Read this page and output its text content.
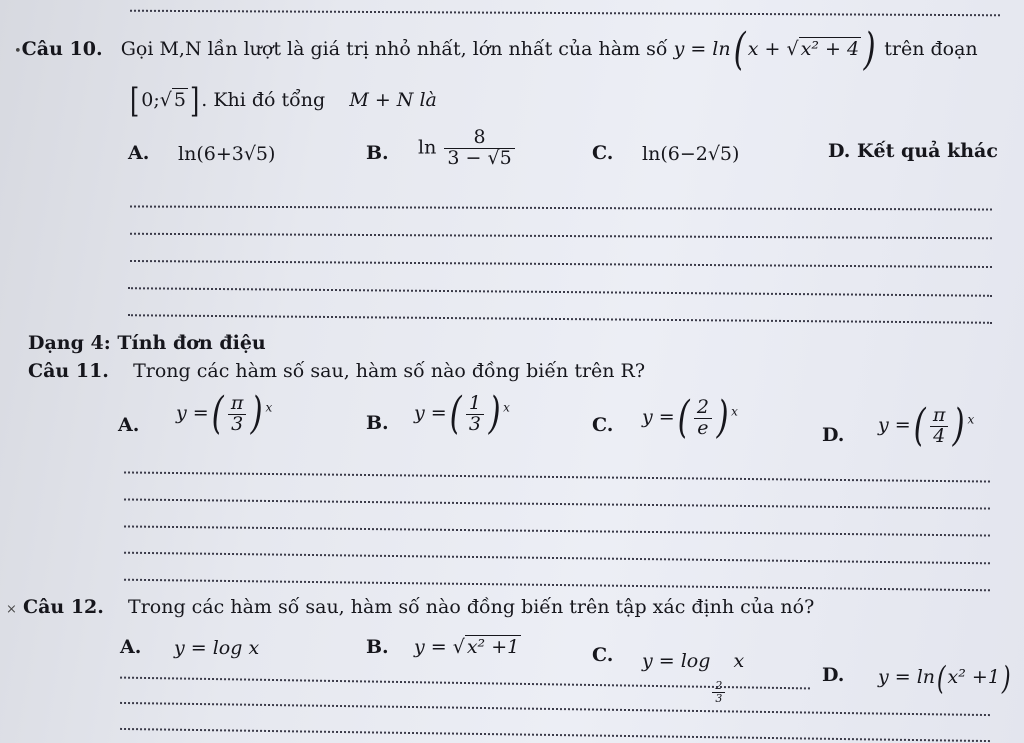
•Câu 10. Gọi M,N lần lượt là giá trị nhỏ nhất, lớn nhất của hàm số y = ln( x + √ x² + 4 ) trên đoạn
[ 0;√ 5 ] . Khi đó tổng M + N là
A. ln(6+3√5)	B. $\ln \frac{8}{3 - √5}$	C. ln(6−2√5)	D. Kết quả khác
Dạng 4: Tính đơn điệu
Câu 11. Trong các hàm số sau, hàm số nào đồng biến trên R?
A.
y =( $\frac{\pi}{3}$ ) $^x$
B. y =( $\frac{1}{3}$ ) $^x$
C. y =( $\frac{2}{e}$ ) $^x$
D. y =( $\frac{\pi}{4}$ ) $^x$
× Câu 12. Trong các hàm số sau, hàm số nào đồng biến trên tập xác định của nó?
A. y = log x	B. y = √ x² +1	C. y = log
$\frac{2}{3}$
x
D. y = ln(x² +1)
